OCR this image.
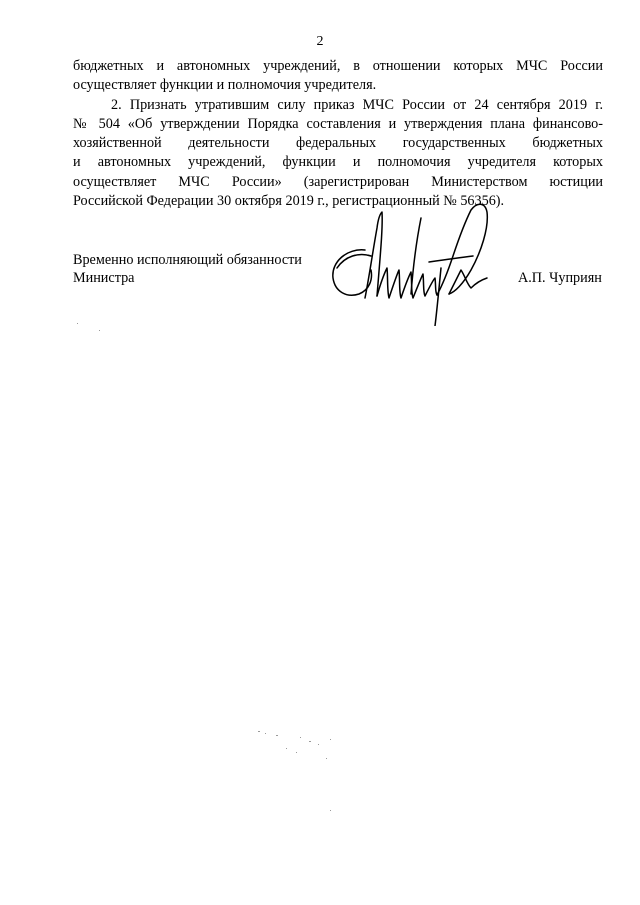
2
бюджетных и автономных учреждений, в отношении которых МЧС России
осуществляет функции и полномочия учредителя.
2. Признать утратившим силу приказ МЧС России от 24 сентября 2019 г.
№ 504 «Об утверждении Порядка составления и утверждения плана финансово-
хозяйственной деятельности федеральных государственных бюджетных
и автономных учреждений, функции и полномочия учредителя которых
осуществляет МЧС России» (зарегистрирован Министерством юстиции
Российской Федерации 30 октября 2019 г., регистрационный № 56356).
Временно исполняющий обязанности
Министра	А.П. Чуприян
